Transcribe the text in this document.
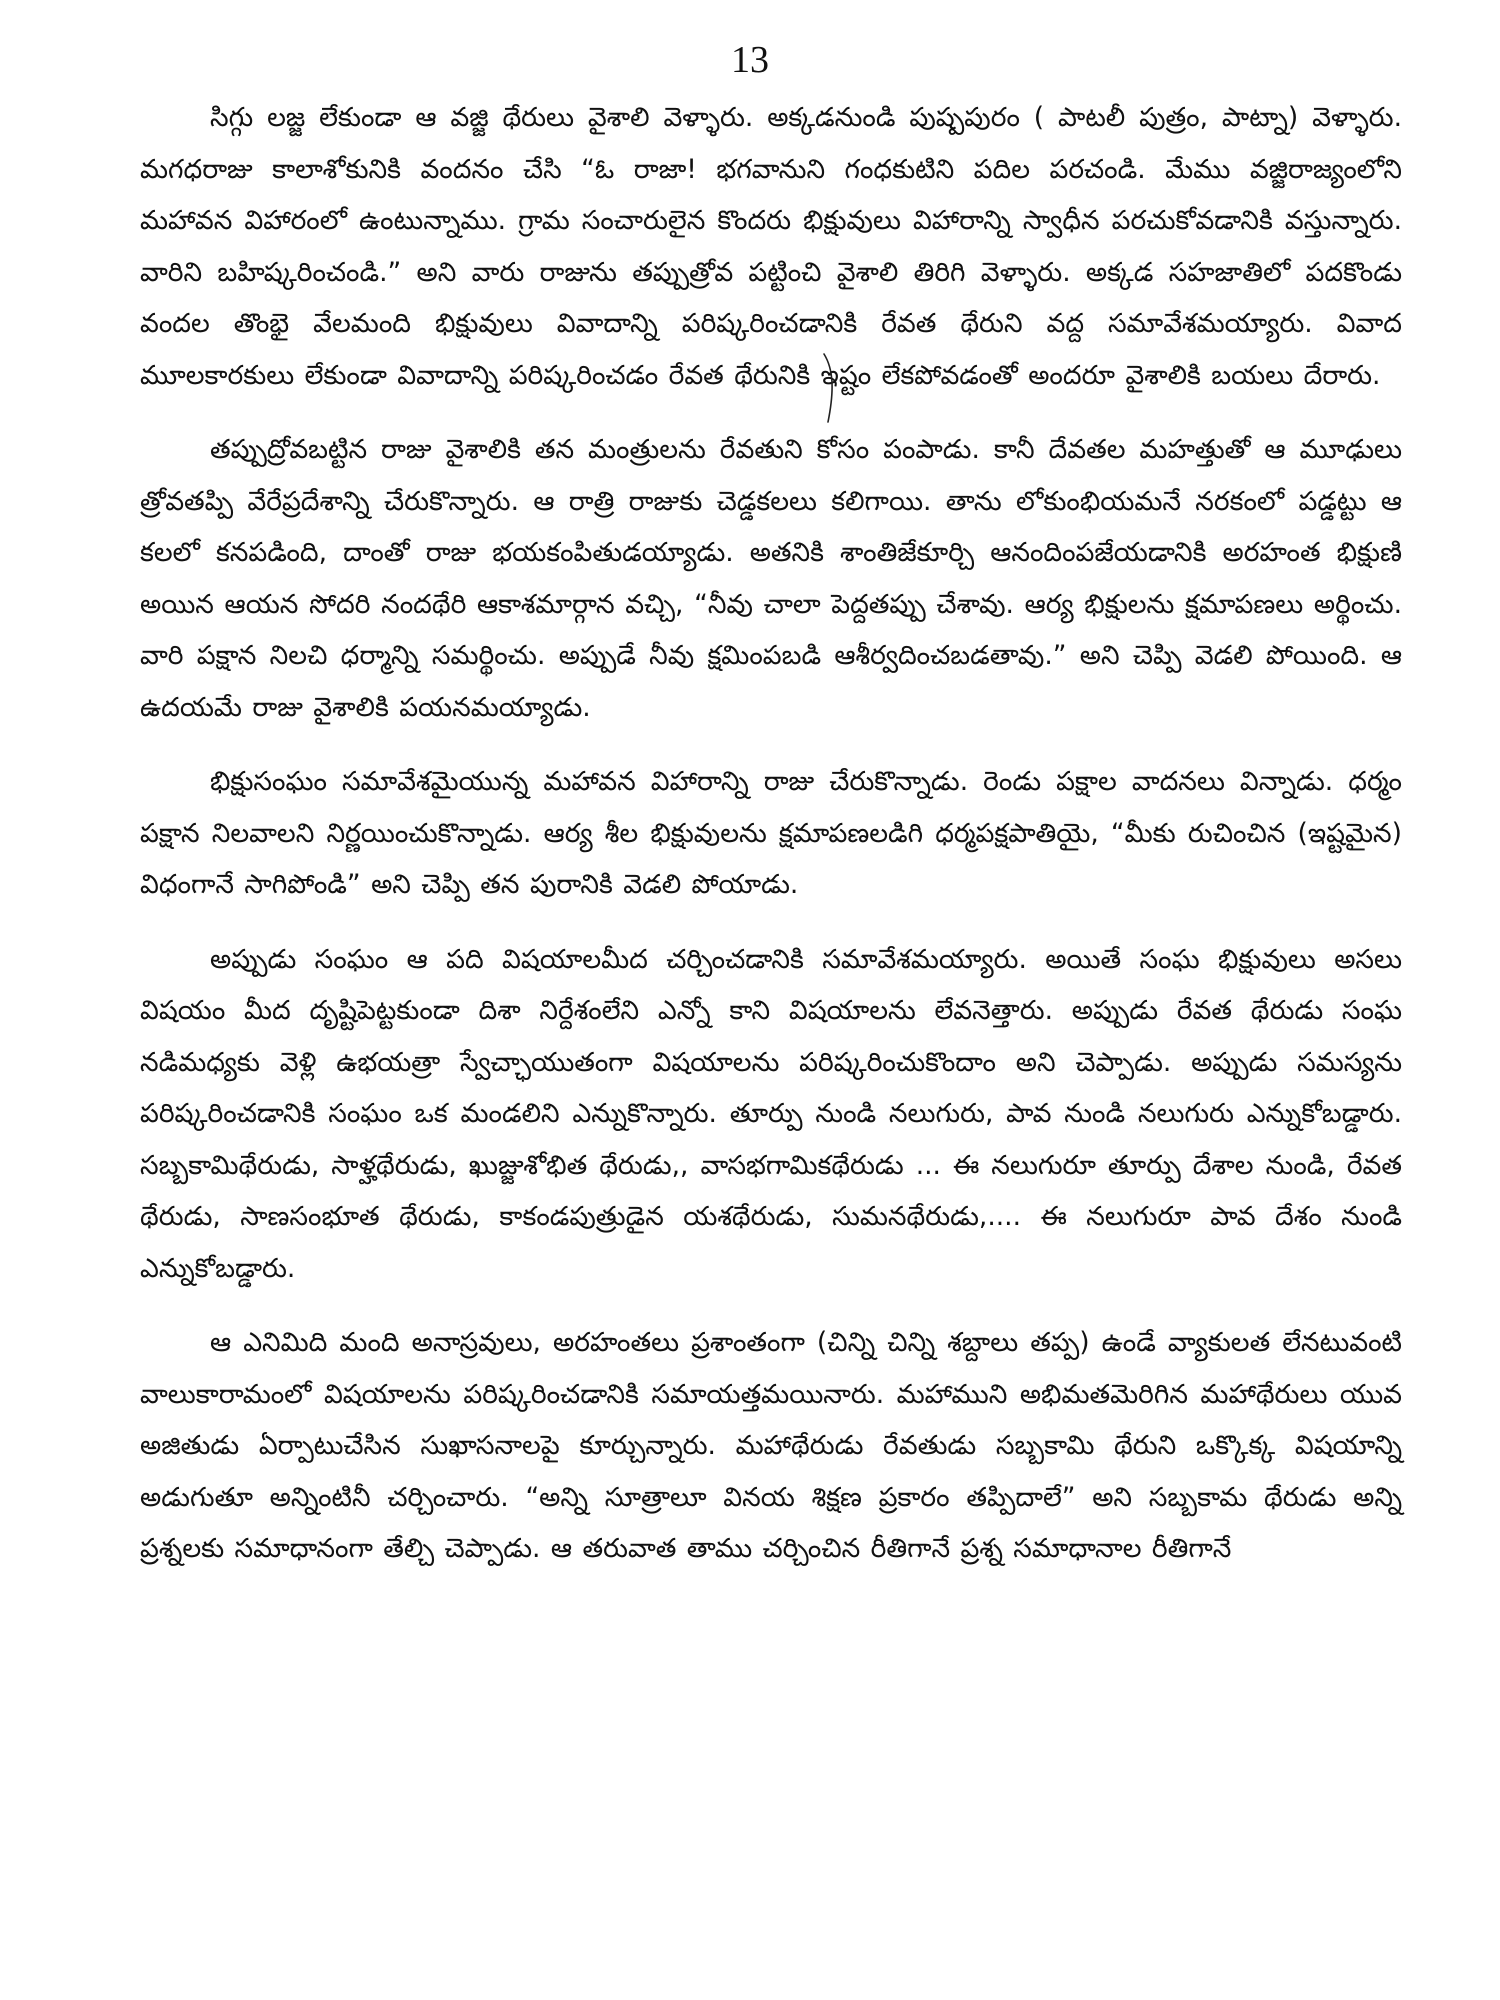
13

సిగ్గు లజ్జ లేకుండా ఆ వజ్జి థేరులు వైశాలి వెళ్ళారు. అక్కడనుండి పుష్పపురం ( పాటలీ పుత్రం, పాట్నా) వెళ్ళారు. మగధరాజు కాలాశోకునికి వందనం చేసి “ఓ రాజా! భగవానుని గంధకుటిని పదిల పరచండి. మేము వజ్జిరాజ్యంలోని మహావన విహారంలో ఉంటున్నాము. గ్రామ సంచారులైన కొందరు భిక్షువులు విహారాన్ని స్వాధీన పరచుకోవడానికి వస్తున్నారు. వారిని బహిష్కరించండి.” అని వారు రాజును తప్పుత్రోవ పట్టించి వైశాలి తిరిగి వెళ్ళారు. అక్కడ సహజాతిలో పదకొండు వందల తొంభై వేలమంది భిక్షువులు వివాదాన్ని పరిష్కరించడానికి రేవత థేరుని వద్ద సమావేశమయ్యారు. వివాద మూలకారకులు లేకుండా వివాదాన్ని పరిష్కరించడం రేవత థేరునికి ఇష్టం లేకపోవడంతో అందరూ వైశాలికి బయలు దేరారు.

తప్పుద్రోవబట్టిన రాజు వైశాలికి తన మంత్రులను రేవతుని కోసం పంపాడు. కానీ దేవతల మహత్తుతో ఆ మూఢులు త్రోవతప్పి వేరేప్రదేశాన్ని చేరుకొన్నారు. ఆ రాత్రి రాజుకు చెడ్డకలలు కలిగాయి. తాను లోకుంభియమనే నరకంలో పడ్డట్టు ఆ కలలో కనపడింది, దాంతో రాజు భయకంపితుడయ్యాడు. అతనికి శాంతిజేకూర్చి ఆనందింపజేయడానికి అరహంత భిక్షుణి అయిన ఆయన సోదరి నందథేరి ఆకాశమార్గాన వచ్చి, “నీవు చాలా పెద్దతప్పు చేశావు. ఆర్య భిక్షులను క్షమాపణలు అర్థించు. వారి పక్షాన నిలచి ధర్మాన్ని సమర్థించు. అప్పుడే నీవు క్షమింపబడి ఆశీర్వదించబడతావు.” అని చెప్పి వెడలి పోయింది. ఆ ఉదయమే రాజు వైశాలికి పయనమయ్యాడు.

భిక్షుసంఘం సమావేశమైయున్న మహావన విహారాన్ని రాజు చేరుకొన్నాడు. రెండు పక్షాల వాదనలు విన్నాడు. ధర్మం పక్షాన నిలవాలని నిర్ణయించుకొన్నాడు. ఆర్య శీల భిక్షువులను క్షమాపణలడిగి ధర్మపక్షపాతియై, “మీకు రుచించిన (ఇష్టమైన) విధంగానే సాగిపోండి” అని చెప్పి తన పురానికి వెడలి పోయాడు.

అప్పుడు సంఘం ఆ పది విషయాలమీద చర్చించడానికి సమావేశమయ్యారు. అయితే సంఘ భిక్షువులు అసలు విషయం మీద దృష్టిపెట్టకుండా దిశా నిర్దేశంలేని ఎన్నో కాని విషయాలను లేవనెత్తారు. అప్పుడు రేవత థేరుడు సంఘ నడిమధ్యకు వెళ్లి ఉభయత్రా స్వేచ్ఛాయుతంగా విషయాలను పరిష్కరించుకొందాం అని చెప్పాడు. అప్పుడు సమస్యను పరిష్కరించడానికి సంఘం ఒక మండలిని ఎన్నుకొన్నారు. తూర్పు నుండి నలుగురు, పావ నుండి నలుగురు ఎన్నుకోబడ్డారు. సబ్బకామిథేరుడు, సాళ్హథేరుడు, ఖుజ్జుశోభిత థేరుడు,, వాసభగామికథేరుడు ... ఈ నలుగురూ తూర్పు దేశాల నుండి, రేవత థేరుడు, సాణసంభూత థేరుడు, కాకండపుత్రుడైన యశథేరుడు, సుమనథేరుడు,.... ఈ నలుగురూ పావ దేశం నుండి ఎన్నుకోబడ్డారు.

ఆ ఎనిమిది మంది అనాస్రవులు, అరహంతలు ప్రశాంతంగా (చిన్ని చిన్ని శబ్దాలు తప్ప) ఉండే వ్యాకులత లేనటువంటి వాలుకారామంలో విషయాలను పరిష్కరించడానికి సమాయత్తమయినారు. మహాముని అభిమతమెరిగిన మహాథేరులు యువ అజితుడు ఏర్పాటుచేసిన సుఖాసనాలపై కూర్చున్నారు. మహాథేరుడు రేవతుడు సబ్బకామి థేరుని ఒక్కొక్క విషయాన్ని అడుగుతూ అన్నింటినీ చర్చించారు. “అన్ని సూత్రాలూ వినయ శిక్షణ ప్రకారం తప్పిదాలే” అని సబ్బకామ థేరుడు అన్ని ప్రశ్నలకు సమాధానంగా తేల్చి చెప్పాడు. ఆ తరువాత తాము చర్చించిన రీతిగానే ప్రశ్న సమాధానాల రీతిగానే
